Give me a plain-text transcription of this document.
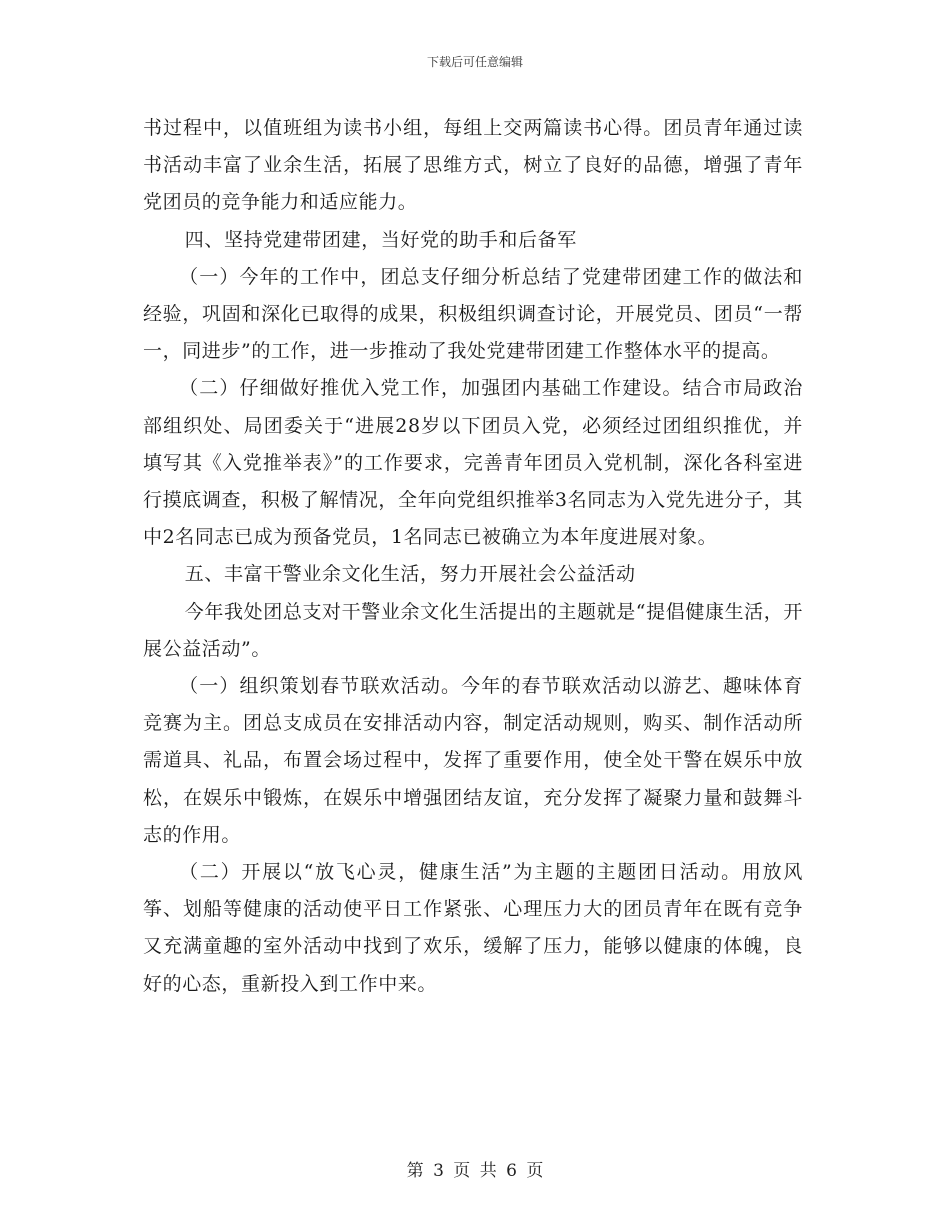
下载后可任意编辑

书过程中，以值班组为读书小组，每组上交两篇读书心得。团员青年通过读书活动丰富了业余生活，拓展了思维方式，树立了良好的品德，增强了青年党团员的竞争能力和适应能力。

四、坚持党建带团建，当好党的助手和后备军

（一）今年的工作中，团总支仔细分析总结了党建带团建工作的做法和经验，巩固和深化已取得的成果，积极组织调查讨论，开展党员、团员“一帮一，同进步”的工作，进一步推动了我处党建带团建工作整体水平的提高。

（二）仔细做好推优入党工作，加强团内基础工作建设。结合市局政治部组织处、局团委关于“进展28岁以下团员入党，必须经过团组织推优，并填写其《入党推举表》”的工作要求，完善青年团员入党机制，深化各科室进行摸底调查，积极了解情况，全年向党组织推举3名同志为入党先进分子，其中2名同志已成为预备党员，1名同志已被确立为本年度进展对象。

五、丰富干警业余文化生活，努力开展社会公益活动

今年我处团总支对干警业余文化生活提出的主题就是“提倡健康生活，开展公益活动”。

（一）组织策划春节联欢活动。今年的春节联欢活动以游艺、趣味体育竞赛为主。团总支成员在安排活动内容，制定活动规则，购买、制作活动所需道具、礼品，布置会场过程中，发挥了重要作用，使全处干警在娱乐中放松，在娱乐中锻炼，在娱乐中增强团结友谊，充分发挥了凝聚力量和鼓舞斗志的作用。

（二）开展以“放飞心灵，健康生活”为主题的主题团日活动。用放风筝、划船等健康的活动使平日工作紧张、心理压力大的团员青年在既有竞争又充满童趣的室外活动中找到了欢乐，缓解了压力，能够以健康的体魄，良好的心态，重新投入到工作中来。

第 3 页 共 6 页
